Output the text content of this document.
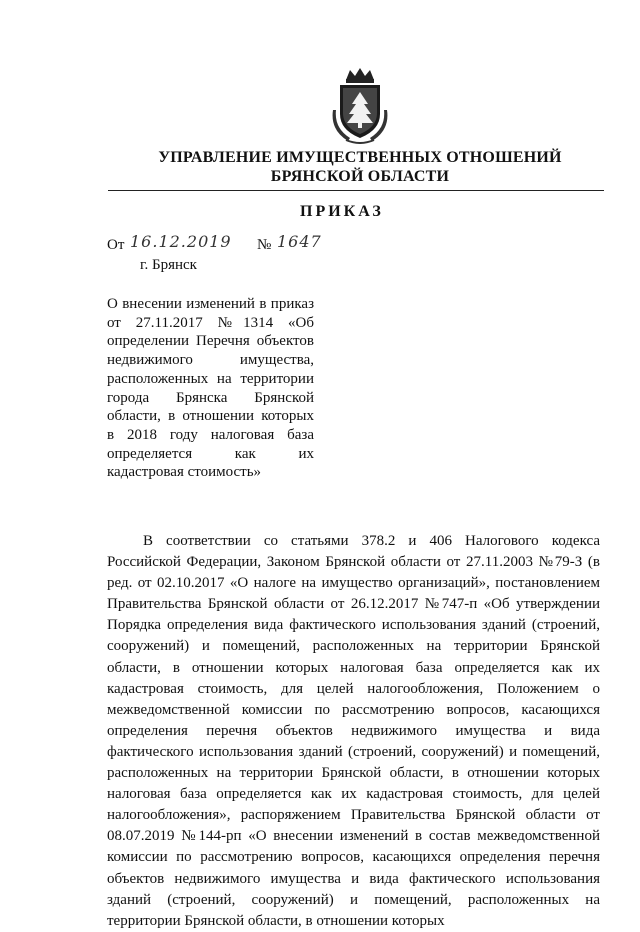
УПРАВЛЕНИЕ ИМУЩЕСТВЕННЫХ ОТНОШЕНИЙ
БРЯНСКОЙ ОБЛАСТИ
ПРИКАЗ
От 16.12.2019 № 1647
г. Брянск
О внесении изменений в приказ от 27.11.2017 №1314 «Об определении Перечня объектов недвижимого имущества, расположенных на территории города Брянска Брянской области, в отношении которых в 2018 году налоговая база определяется как их кадастровая стоимость»

В соответствии со статьями 378.2 и 406 Налогового кодекса Российской Федерации, Законом Брянской области от 27.11.2003 №79-З (в ред. от 02.10.2017 «О налоге на имущество организаций», постановлением Правительства Брянской области от 26.12.2017 №747-п «Об утверждении Порядка определения вида фактического использования зданий (строений, сооружений) и помещений, расположенных на территории Брянской области, в отношении которых налоговая база определяется как их кадастровая стоимость, для целей налогообложения, Положением о межведомственной комиссии по рассмотрению вопросов, касающихся определения перечня объектов недвижимого имущества и вида фактического использования зданий (строений, сооружений) и помещений, расположенных на территории Брянской области, в отношении которых налоговая база определяется как их кадастровая стоимость, для целей налогообложения», распоряжением Правительства Брянской области от 08.07.2019 №144-рп «О внесении изменений в состав межведомственной комиссии по рассмотрению вопросов, касающихся определения перечня объектов недвижимого имущества и вида фактического использования зданий (строений, сооружений) и помещений, расположенных на территории Брянской области, в отношении которых
